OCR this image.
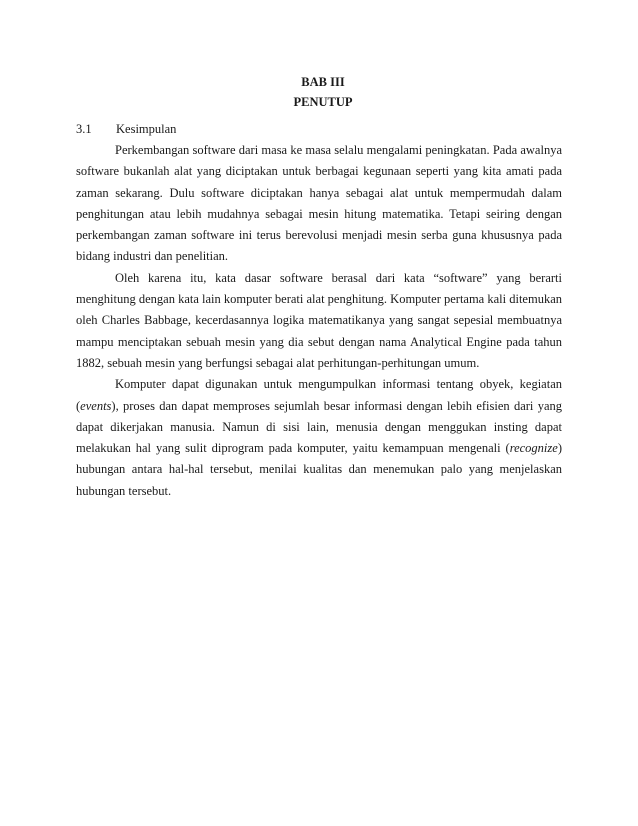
BAB III
PENUTUP
3.1 Kesimpulan

Perkembangan software dari masa ke masa selalu mengalami peningkatan. Pada awalnya software bukanlah alat yang diciptakan untuk berbagai kegunaan seperti yang kita amati pada zaman sekarang. Dulu software diciptakan hanya sebagai alat untuk mempermudah dalam penghitungan atau lebih mudahnya sebagai mesin hitung matematika. Tetapi seiring dengan perkembangan zaman software ini terus berevolusi menjadi mesin serba guna khususnya pada bidang industri dan penelitian.

Oleh karena itu, kata dasar software berasal dari kata “software” yang berarti menghitung dengan kata lain komputer berati alat penghitung. Komputer pertama kali ditemukan oleh Charles Babbage, kecerdasannya logika matematikanya yang sangat sepesial membuatnya mampu menciptakan sebuah mesin yang dia sebut dengan nama Analytical Engine pada tahun 1882, sebuah mesin yang berfungsi sebagai alat perhitungan-perhitungan umum.

Komputer dapat digunakan untuk mengumpulkan informasi tentang obyek, kegiatan (events), proses dan dapat memproses sejumlah besar informasi dengan lebih efisien dari yang dapat dikerjakan manusia. Namun di sisi lain, menusia dengan menggukan insting dapat melakukan hal yang sulit diprogram pada komputer, yaitu kemampuan mengenali (recognize) hubungan antara hal-hal tersebut, menilai kualitas dan menemukan palo yang menjelaskan hubungan tersebut.
